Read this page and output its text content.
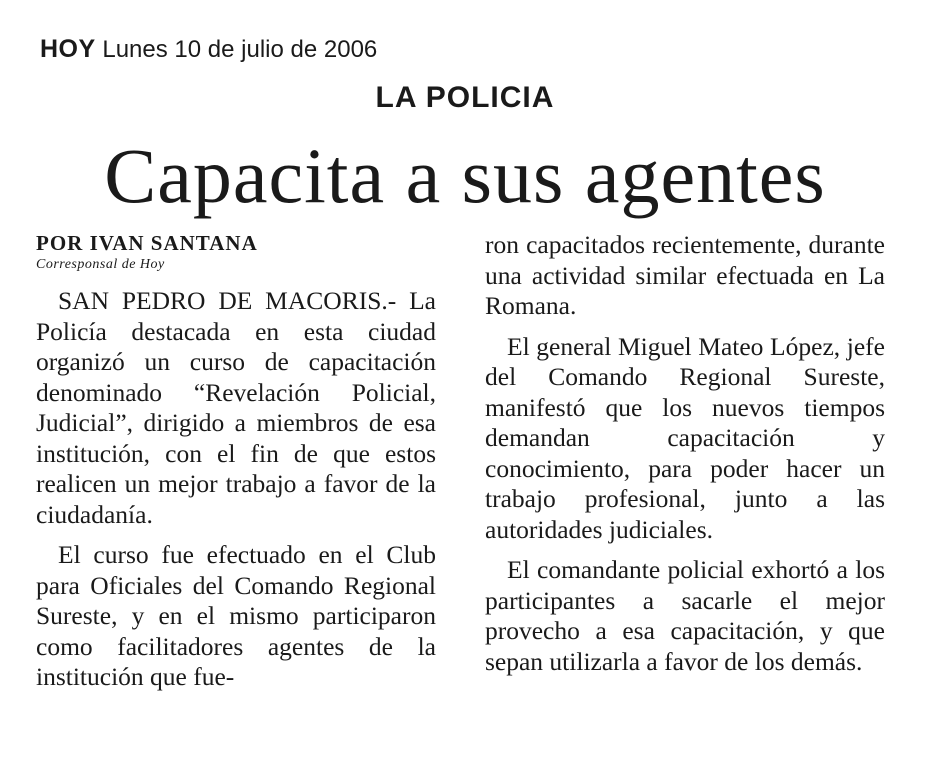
HOY Lunes 10 de julio de 2006
LA POLICIA
Capacita a sus agentes
POR IVAN SANTANA
Corresponsal de Hoy

SAN PEDRO DE MACORIS.- La Policía destacada en esta ciudad organizó un curso de capacitación denominado “Revelación Policial, Judicial”, dirigido a miembros de esa institución, con el fin de que estos realicen un mejor trabajo a favor de la ciudadanía.

El curso fue efectuado en el Club para Oficiales del Comando Regional Sureste, y en el mismo participaron como facilitadores agentes de la institución que fue-

ron capacitados recientemente, durante una actividad similar efectuada en La Romana.

El general Miguel Mateo López, jefe del Comando Regional Sureste, manifestó que los nuevos tiempos demandan capacitación y conocimiento, para poder hacer un trabajo profesional, junto a las autoridades judiciales.

El comandante policial exhortó a los participantes a sacarle el mejor provecho a esa capacitación, y que sepan utilizarla a favor de los demás.
